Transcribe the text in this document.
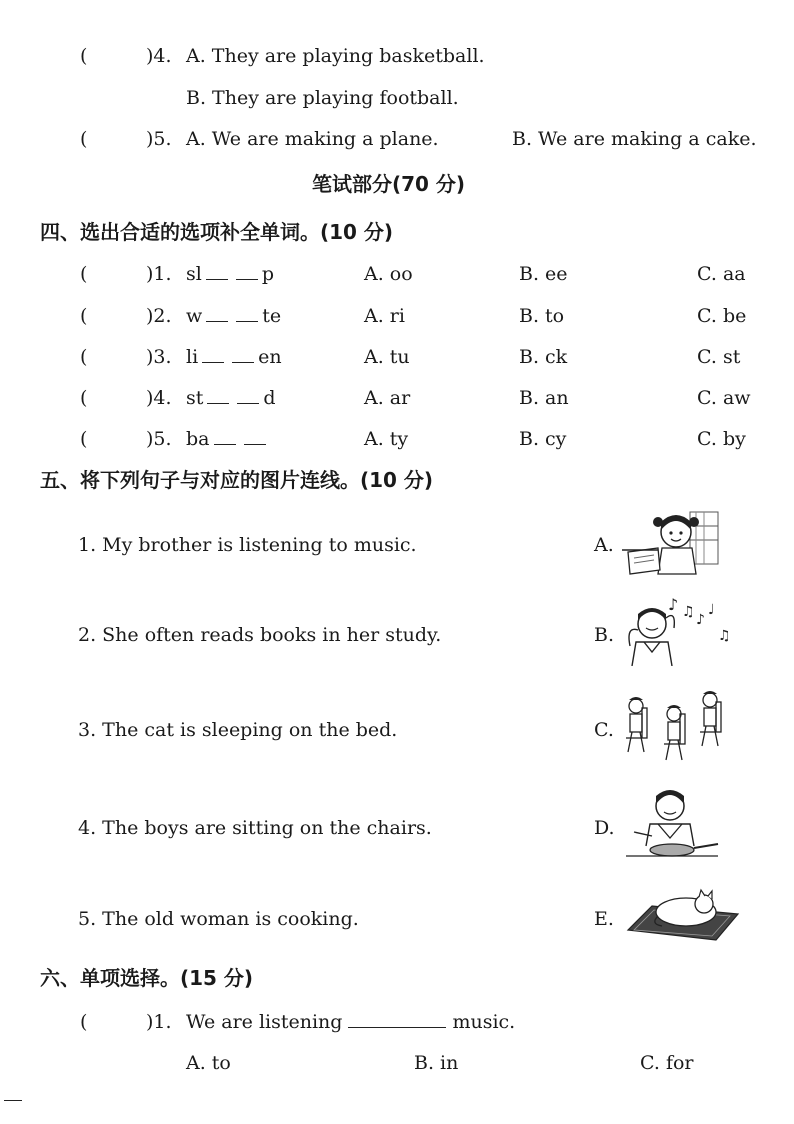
(	)4. A. They are playing basketball.
B. They are playing football.
(	)5. A. We are making a plane.	B. We are making a cake.
笔试部分(70 分)
四、选出合适的选项补全单词。(10 分)
(	)1. sl	p	A. oo	B. ee	C. aa
(	)2. w	te	A. ri	B. to	C. be
(	)3. li	en	A. tu	B. ck	C. st
(	)4. st	d	A. ar	B. an	C. aw
(	)5. ba	A. ty	B. cy	C. by
五、将下列句子与对应的图片连线。(10 分)
1. My brother is listening to music.
2. She often reads books in her study.
3. The cat is sleeping on the bed.
4. The boys are sitting on the chairs.
5. The old woman is cooking.
A.
B.
C.
D.
E.
♪ ♫ ♪
♩
♫
六、单项选择。(15 分)
(	)1. We are listening	music.
A. to	B. in	C. for
